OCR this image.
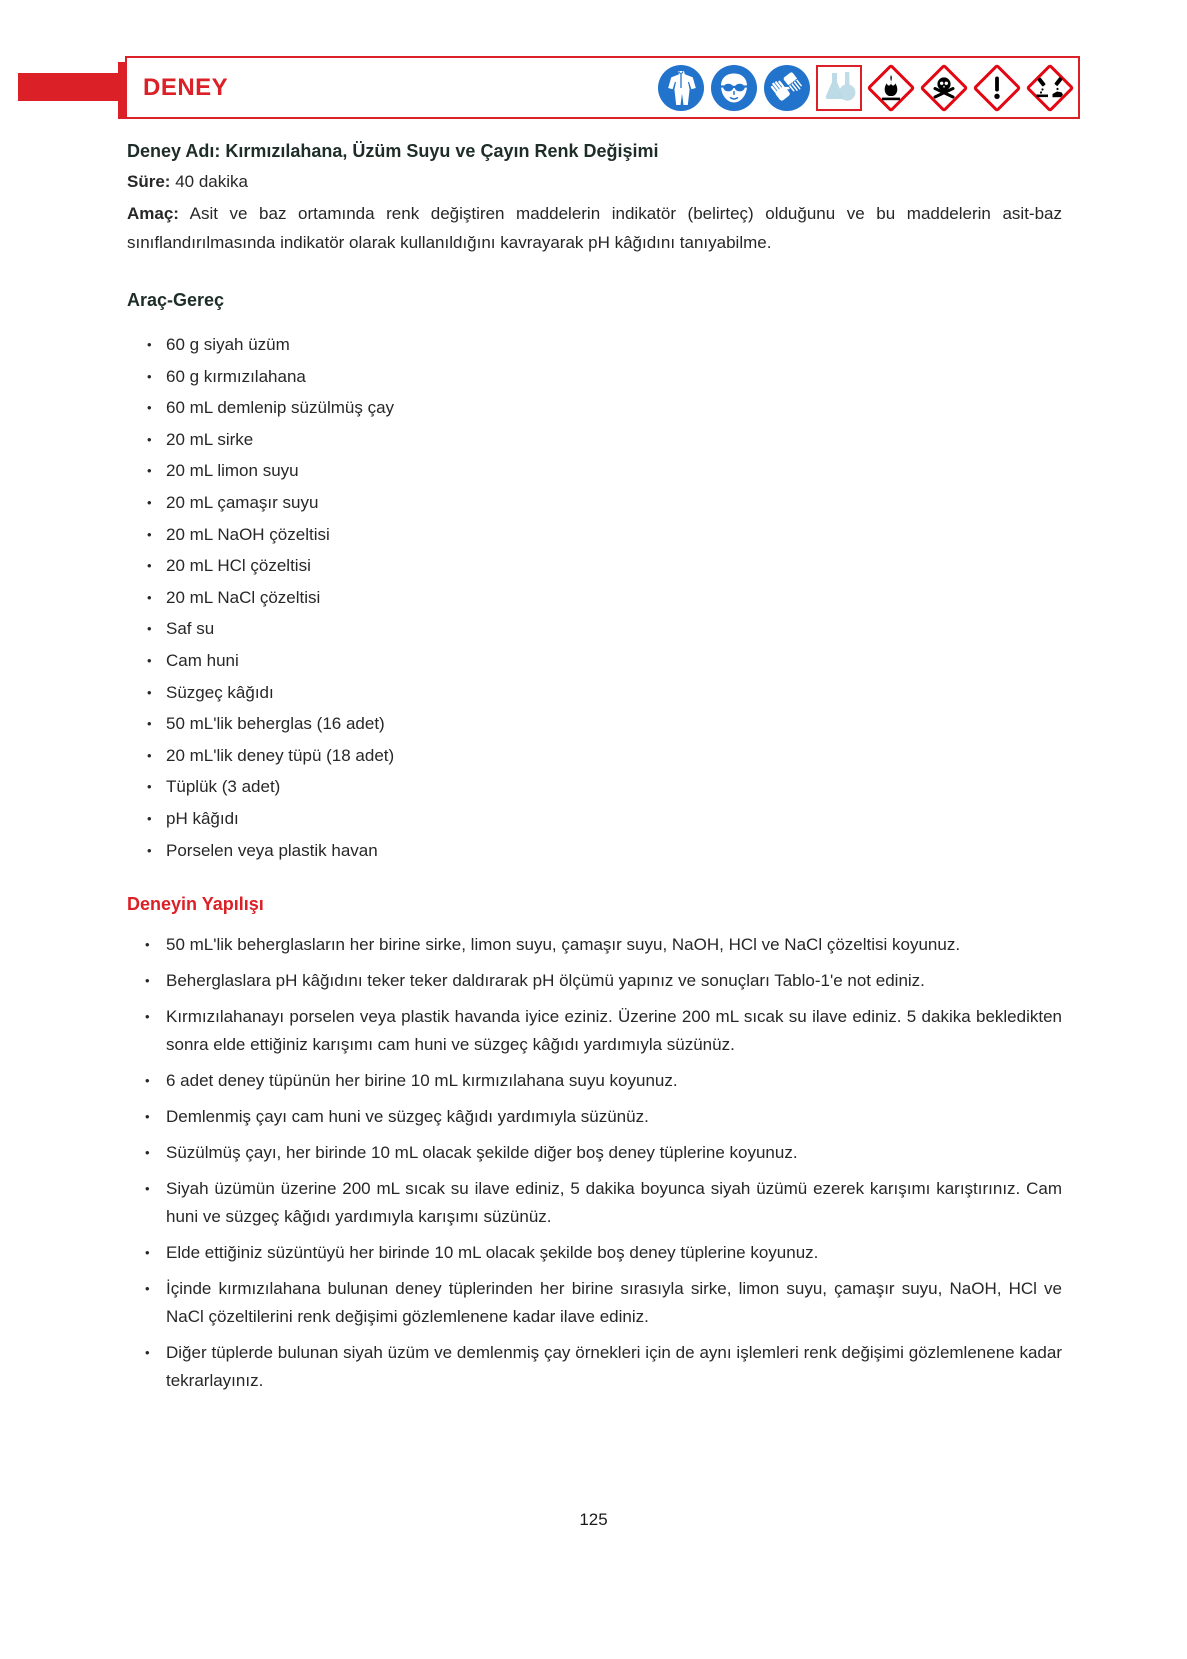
DENEY
Deney Adı: Kırmızılahana, Üzüm Suyu ve Çayın Renk Değişimi
Süre: 40 dakika

Amaç: Asit ve baz ortamında renk değiştiren maddelerin indikatör (belirteç) olduğunu ve bu maddelerin asit-baz sınıflandırılmasında indikatör olarak kullanıldığını kavrayarak pH kâğıdını tanıyabilme.

Araç-Gereç
• 60 g siyah üzüm
• 60 g kırmızılahana
• 60 mL demlenip süzülmüş çay
• 20 mL sirke
• 20 mL limon suyu
• 20 mL çamaşır suyu
• 20 mL NaOH çözeltisi
• 20 mL HCl çözeltisi
• 20 mL NaCl çözeltisi
• Saf su
• Cam huni
• Süzgeç kâğıdı
• 50 mL'lik beherglas (16 adet)
• 20 mL'lik deney tüpü (18 adet)
• Tüplük (3 adet)
• pH kâğıdı
• Porselen veya plastik havan
Deneyin Yapılışı
• 50 mL'lik beherglasların her birine sirke, limon suyu, çamaşır suyu, NaOH, HCl ve NaCl çözeltisi koyunuz.
• Beherglaslara pH kâğıdını teker teker daldırarak pH ölçümü yapınız ve sonuçları Tablo-1'e not ediniz.
• Kırmızılahanayı porselen veya plastik havanda iyice eziniz. Üzerine 200 mL sıcak su ilave ediniz. 5 dakika bekledikten sonra elde ettiğiniz karışımı cam huni ve süzgeç kâğıdı yardımıyla süzünüz.
• 6 adet deney tüpünün her birine 10 mL kırmızılahana suyu koyunuz.
• Demlenmiş çayı cam huni ve süzgeç kâğıdı yardımıyla süzünüz.
• Süzülmüş çayı, her birinde 10 mL olacak şekilde diğer boş deney tüplerine koyunuz.
• Siyah üzümün üzerine 200 mL sıcak su ilave ediniz, 5 dakika boyunca siyah üzümü ezerek karışımı karıştırınız. Cam huni ve süzgeç kâğıdı yardımıyla karışımı süzünüz.
• Elde ettiğiniz süzüntüyü her birinde 10 mL olacak şekilde boş deney tüplerine koyunuz.
• İçinde kırmızılahana bulunan deney tüplerinden her birine sırasıyla sirke, limon suyu, çamaşır suyu, NaOH, HCl ve NaCl çözeltilerini renk değişimi gözlemlenene kadar ilave ediniz.
• Diğer tüplerde bulunan siyah üzüm ve demlenmiş çay örnekleri için de aynı işlemleri renk değişimi gözlemlenene kadar tekrarlayınız.
125
